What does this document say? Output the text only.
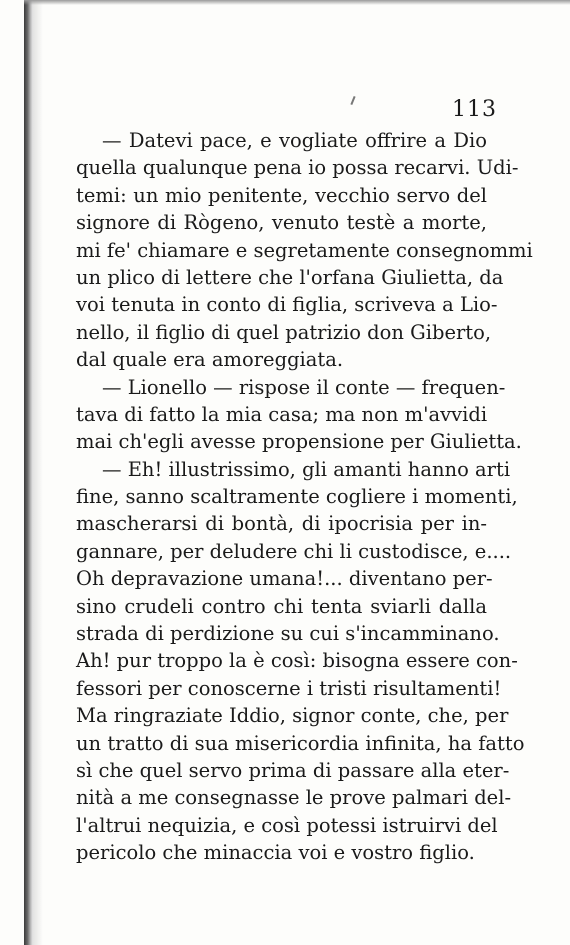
113
— Datevi pace, e vogliate offrire a Dio
quella qualunque pena io possa recarvi. Udi-
temi: un mio penitente, vecchio servo del
signore di Rògeno, venuto testè a morte,
mi fe' chiamare e segretamente consegnommi
un plico di lettere che l'orfana Giulietta, da
voi tenuta in conto di figlia, scriveva a Lio-
nello, il figlio di quel patrizio don Giberto,
dal quale era amoreggiata.
— Lionello — rispose il conte — frequen-
tava di fatto la mia casa; ma non m'avvidi
mai ch'egli avesse propensione per Giulietta.
— Eh! illustrissimo, gli amanti hanno arti
fine, sanno scaltramente cogliere i momenti,
mascherarsi di bontà, di ipocrisia per in-
gannare, per deludere chi li custodisce, e....
Oh depravazione umana!... diventano per-
sino crudeli contro chi tenta sviarli dalla
strada di perdizione su cui s'incamminano.
Ah! pur troppo la è così: bisogna essere con-
fessori per conoscerne i tristi risultamenti!
Ma ringraziate Iddio, signor conte, che, per
un tratto di sua misericordia infinita, ha fatto
sì che quel servo prima di passare alla eter-
nità a me consegnasse le prove palmari del-
l'altrui nequizia, e così potessi istruirvi del
pericolo che minaccia voi e vostro figlio.
